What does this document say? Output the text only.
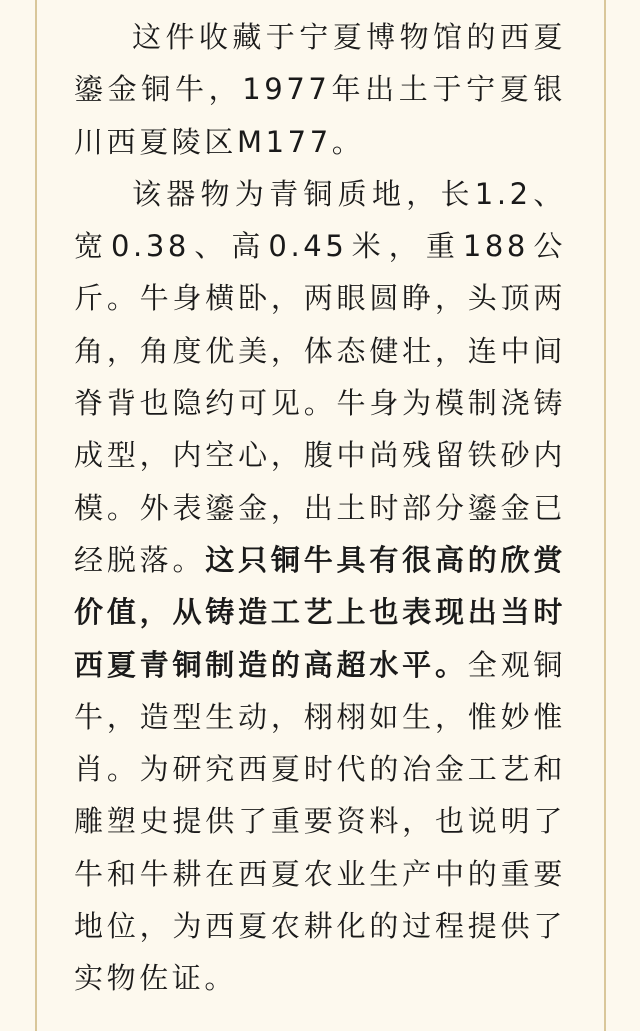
这件收藏于宁夏博物馆的西夏鎏金铜牛，1977年出土于宁夏银川西夏陵区M177。

该器物为青铜质地，长1.2、宽0.38、高0.45米，重188公斤。牛身横卧，两眼圆睁，头顶两角，角度优美，体态健壮，连中间脊背也隐约可见。牛身为模制浇铸成型，内空心，腹中尚残留铁砂内模。外表鎏金，出土时部分鎏金已经脱落。这只铜牛具有很高的欣赏价值，从铸造工艺上也表现出当时西夏青铜制造的高超水平。全观铜牛，造型生动，栩栩如生，惟妙惟肖。为研究西夏时代的冶金工艺和雕塑史提供了重要资料，也说明了牛和牛耕在西夏农业生产中的重要地位，为西夏农耕化的过程提供了实物佐证。
